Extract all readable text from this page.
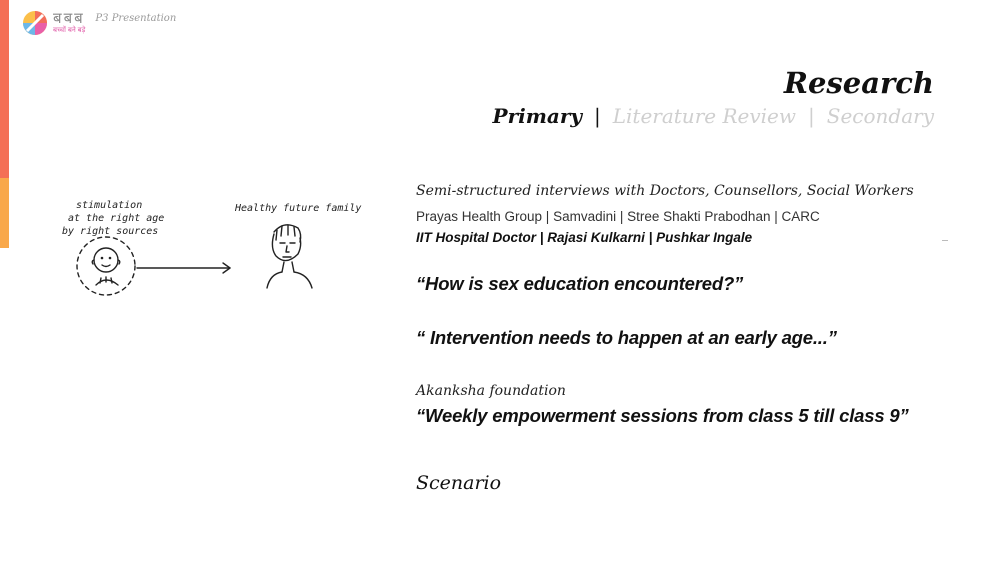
बबब
बच्चों बने बड़े
P3 Presentation
Research
Primary | Literature Review | Secondary
stimulation
at the right age
by right sources
Healthy future family
Semi-structured interviews with Doctors, Counsellors, Social Workers
Prayas Health Group | Samvadini | Stree Shakti Prabodhan | CARC
IIT Hospital Doctor | Rajasi Kulkarni | Pushkar Ingale
“How is sex education encountered?”
“ Intervention needs to happen at an early age...”
Akanksha foundation
“Weekly empowerment sessions from class 5 till class 9”
Scenario
